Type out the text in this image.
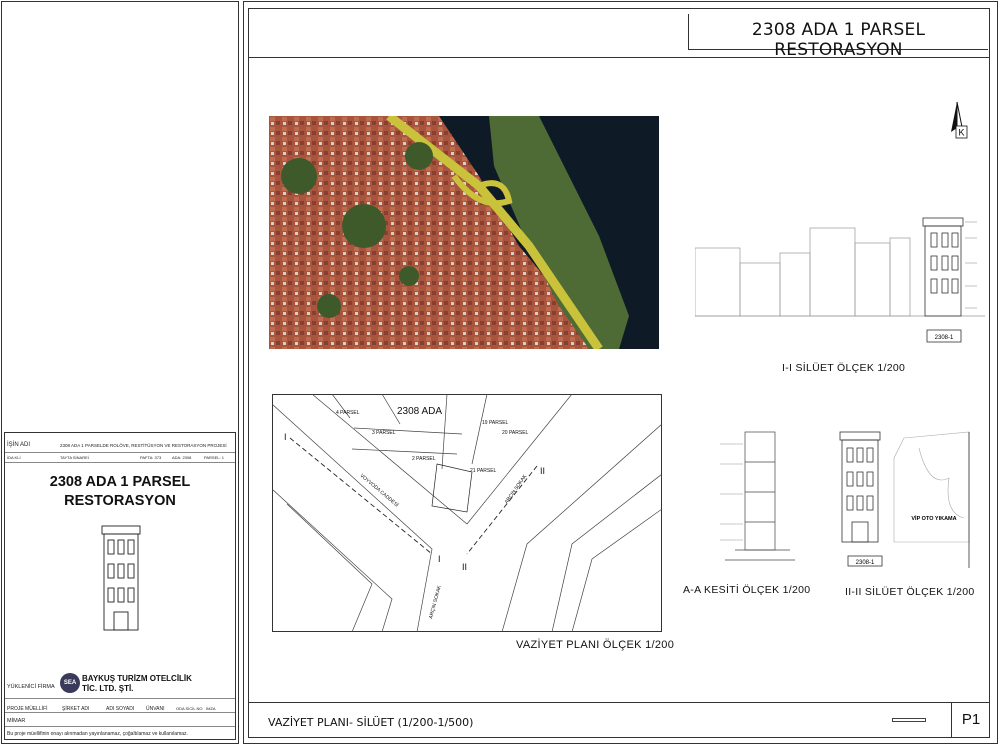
2308 ADA 1 PARSEL RESTORASYON
K
2308-1
I-I SİLÜET ÖLÇEK 1/200
A-A KESİTİ ÖLÇEK 1/200
VİP OTO YIKAMA
2308-1
II-II SİLÜET ÖLÇEK 1/200
2308 ADA
4 PARSEL
3 PARSEL
2 PARSEL
19 PARSEL
20 PARSEL
21 PARSEL
VOYVODA CADDESİ	ARÇIN SOKAK
ARÇIN SOKAK
I
I
II
II
VAZİYET PLANI ÖLÇEK 1/200
VAZİYET PLANI- SİLÜET (1/200-1/500)	P1
2308 ADA 1 PARSEL
RESTORASYON
İŞİN ADI	2308 ADA 1 PARSELDE ROLÖVE, RESTİTÜSYON VE RESTORASYON PROJESİ
İDA KLİ	TAYTA SİNAREİ	PAFTA: 373	ADA: 2308	PARSEL: 1
YÜKLENİCİ FİRMA
SEA BAYKUŞ TURİZM OTELCİLİK
TİC. LTD. ŞTİ.
PROJE MÜELLİFİ	ŞİRKET ADI	ADI SOYADI ÜNVANI	ODA SİCİL NO İMZA
MİMAR
Bu proje müellifinin onayı alınmadan yayınlanamaz, çoğaltılamaz ve kullanılamaz.
